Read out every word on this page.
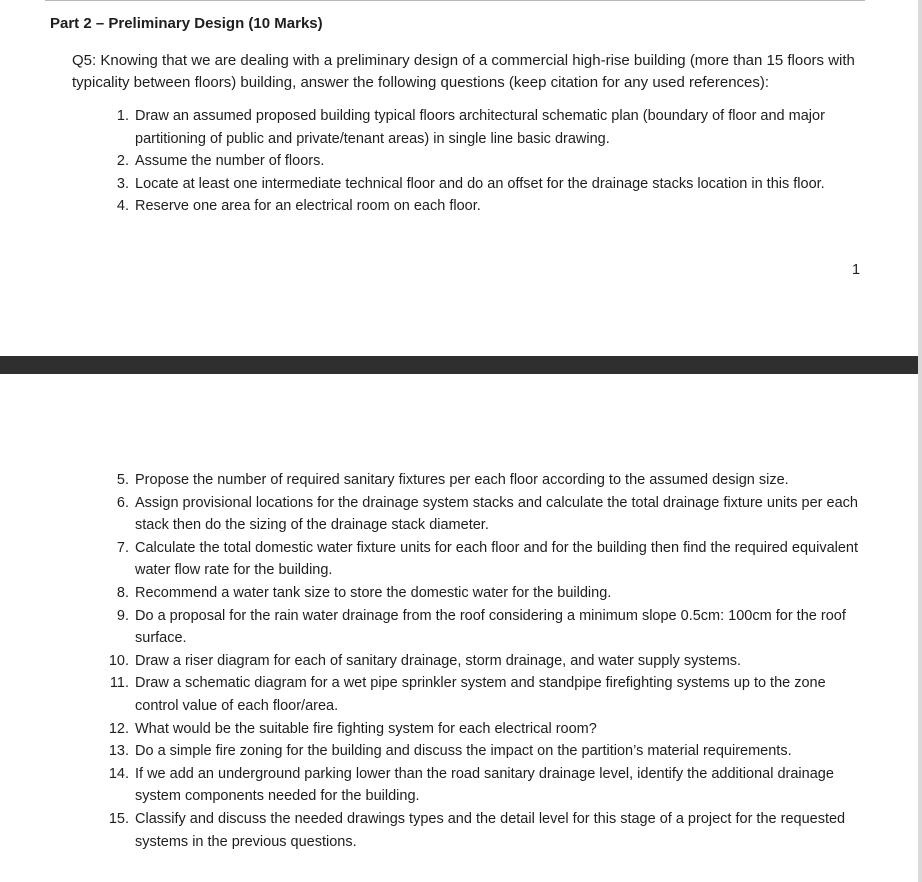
Part 2 – Preliminary Design (10 Marks)
Q5: Knowing that we are dealing with a preliminary design of a commercial high-rise building (more than 15 floors with typicality between floors) building, answer the following questions (keep citation for any used references):
1. Draw an assumed proposed building typical floors architectural schematic plan (boundary of floor and major partitioning of public and private/tenant areas) in single line basic drawing.
2. Assume the number of floors.
3. Locate at least one intermediate technical floor and do an offset for the drainage stacks location in this floor.
4. Reserve one area for an electrical room on each floor.
1
5. Propose the number of required sanitary fixtures per each floor according to the assumed design size.
6. Assign provisional locations for the drainage system stacks and calculate the total drainage fixture units per each stack then do the sizing of the drainage stack diameter.
7. Calculate the total domestic water fixture units for each floor and for the building then find the required equivalent water flow rate for the building.
8. Recommend a water tank size to store the domestic water for the building.
9. Do a proposal for the rain water drainage from the roof considering a minimum slope 0.5cm: 100cm for the roof surface.
10. Draw a riser diagram for each of sanitary drainage, storm drainage, and water supply systems.
11. Draw a schematic diagram for a wet pipe sprinkler system and standpipe firefighting systems up to the zone control value of each floor/area.
12. What would be the suitable fire fighting system for each electrical room?
13. Do a simple fire zoning for the building and discuss the impact on the partition’s material requirements.
14. If we add an underground parking lower than the road sanitary drainage level, identify the additional drainage system components needed for the building.
15. Classify and discuss the needed drawings types and the detail level for this stage of a project for the requested systems in the previous questions.
